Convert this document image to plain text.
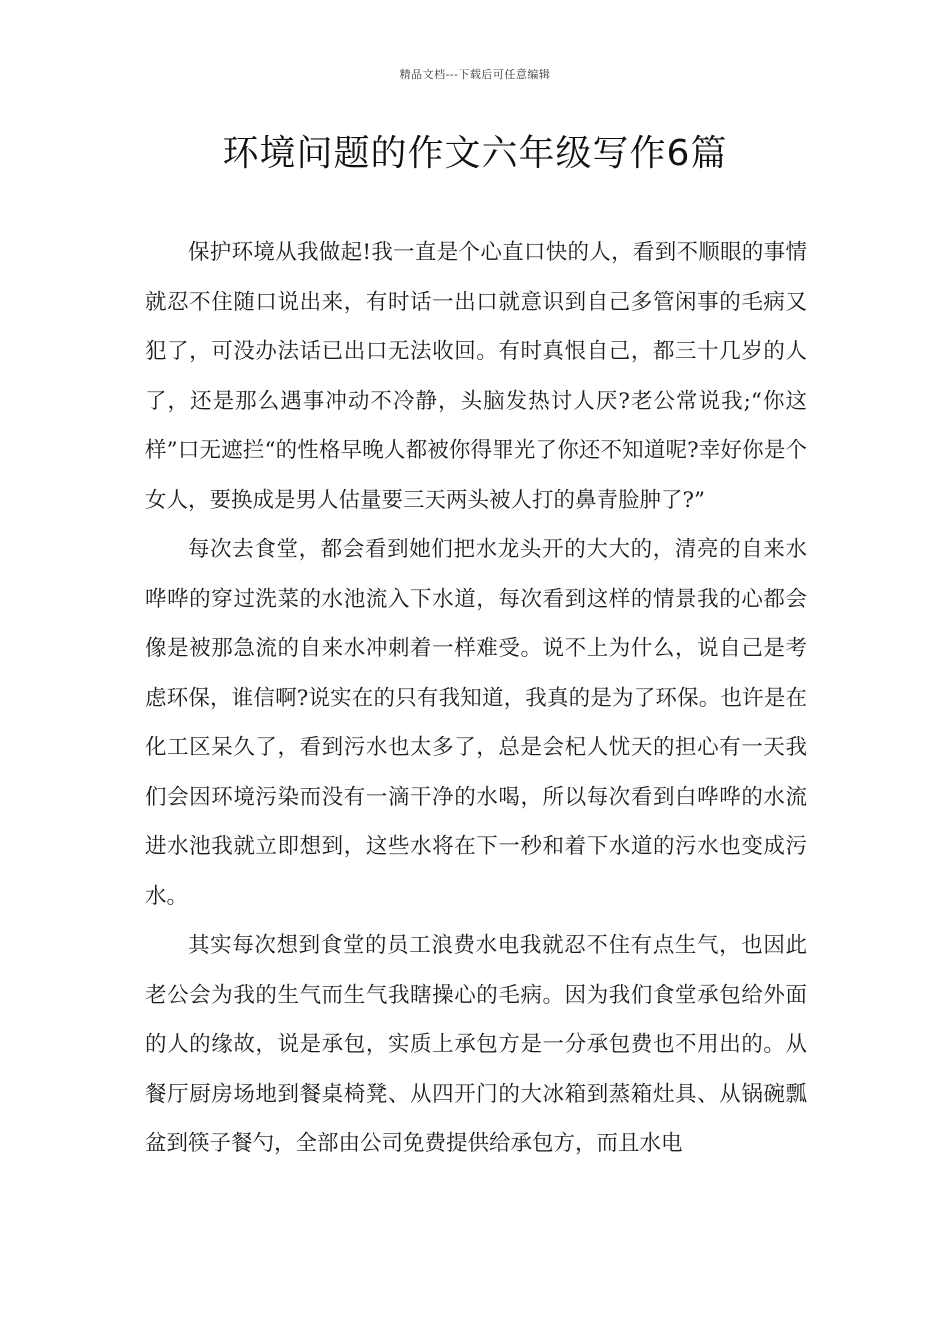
精品文档---下载后可任意编辑
环境问题的作文六年级写作6篇

保护环境从我做起!我一直是个心直口快的人，看到不顺眼的事情就忍不住随口说出来，有时话一出口就意识到自己多管闲事的毛病又犯了，可没办法话已出口无法收回。有时真恨自己，都三十几岁的人了，还是那么遇事冲动不冷静，头脑发热讨人厌?老公常说我;“你这样”口无遮拦“的性格早晚人都被你得罪光了你还不知道呢?幸好你是个女人，要换成是男人估量要三天两头被人打的鼻青脸肿了?”

每次去食堂，都会看到她们把水龙头开的大大的，清亮的自来水哗哗的穿过洗菜的水池流入下水道，每次看到这样的情景我的心都会像是被那急流的自来水冲刺着一样难受。说不上为什么，说自己是考虑环保，谁信啊?说实在的只有我知道，我真的是为了环保。也许是在化工区呆久了，看到污水也太多了，总是会杞人忧天的担心有一天我们会因环境污染而没有一滴干净的水喝，所以每次看到白哗哗的水流进水池我就立即想到，这些水将在下一秒和着下水道的污水也变成污水。

其实每次想到食堂的员工浪费水电我就忍不住有点生气，也因此老公会为我的生气而生气我瞎操心的毛病。因为我们食堂承包给外面的人的缘故，说是承包，实质上承包方是一分承包费也不用出的。从餐厅厨房场地到餐桌椅凳、从四开门的大冰箱到蒸箱灶具、从锅碗瓢盆到筷子餐勺，全部由公司免费提供给承包方，而且水电
